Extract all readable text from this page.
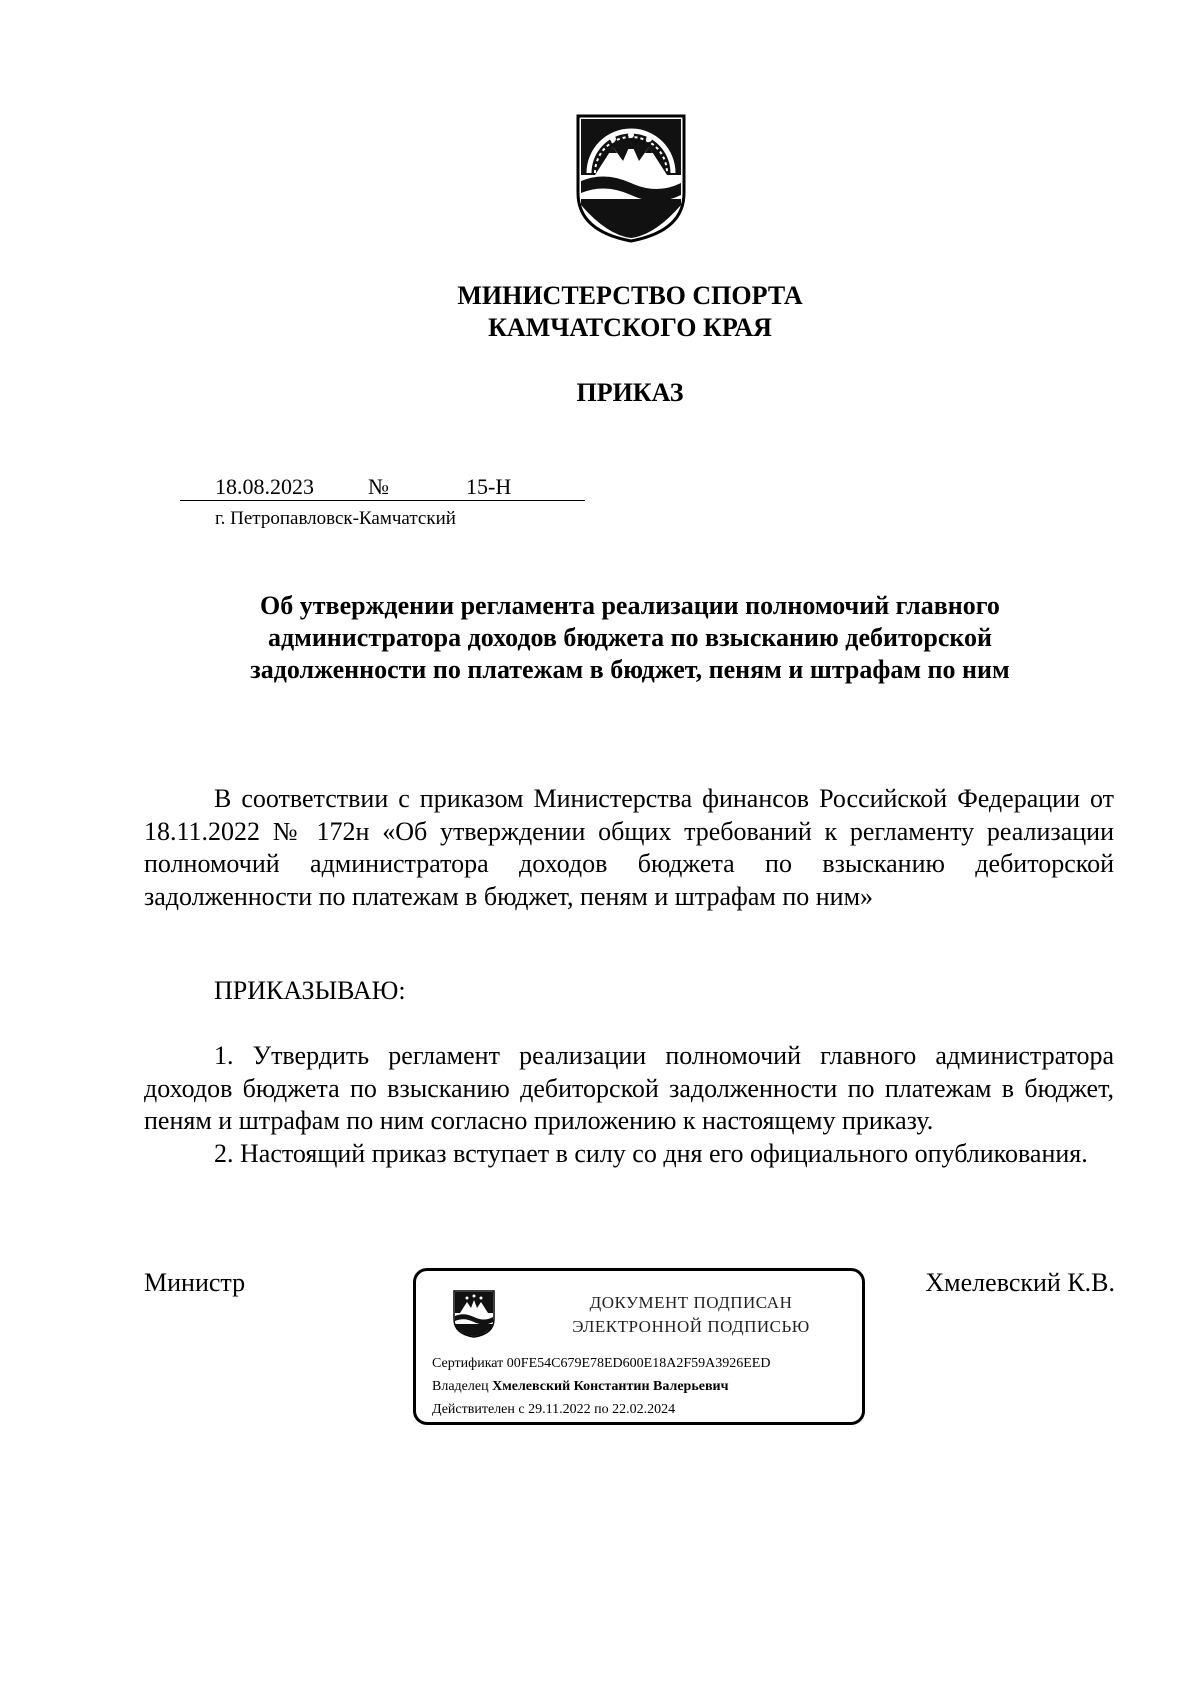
МИНИСТЕРСТВО СПОРТА
КАМЧАТСКОГО КРАЯ
ПРИКАЗ
18.08.2023 №	15-Н
г. Петропавловск-Камчатский
Об утверждении регламента реализации полномочий главного
администратора доходов бюджета по взысканию дебиторской
задолженности по платежам в бюджет, пеням и штрафам по ним

В соответствии с приказом Министерства финансов Российской Федерации от 18.11.2022 № 172н «Об утверждении общих требований к регламенту реализации полномочий администратора доходов бюджета по взысканию дебиторской задолженности по платежам в бюджет, пеням и штрафам по ним»

ПРИКАЗЫВАЮ:

1. Утвердить регламент реализации полномочий главного администратора доходов бюджета по взысканию дебиторской задолженности по платежам в бюджет, пеням и штрафам по ним согласно приложению к настоящему приказу.

2. Настоящий приказ вступает в силу со дня его официального опубликования.

Министр	Хмелевский К.В.
ДОКУМЕНТ ПОДПИСАН
ЭЛЕКТРОННОЙ ПОДПИСЬЮ
Сертификат 00FE54C679E78ED600E18A2F59A3926EED
Владелец Хмелевский Константин Валерьевич
Действителен с 29.11.2022 по 22.02.2024
